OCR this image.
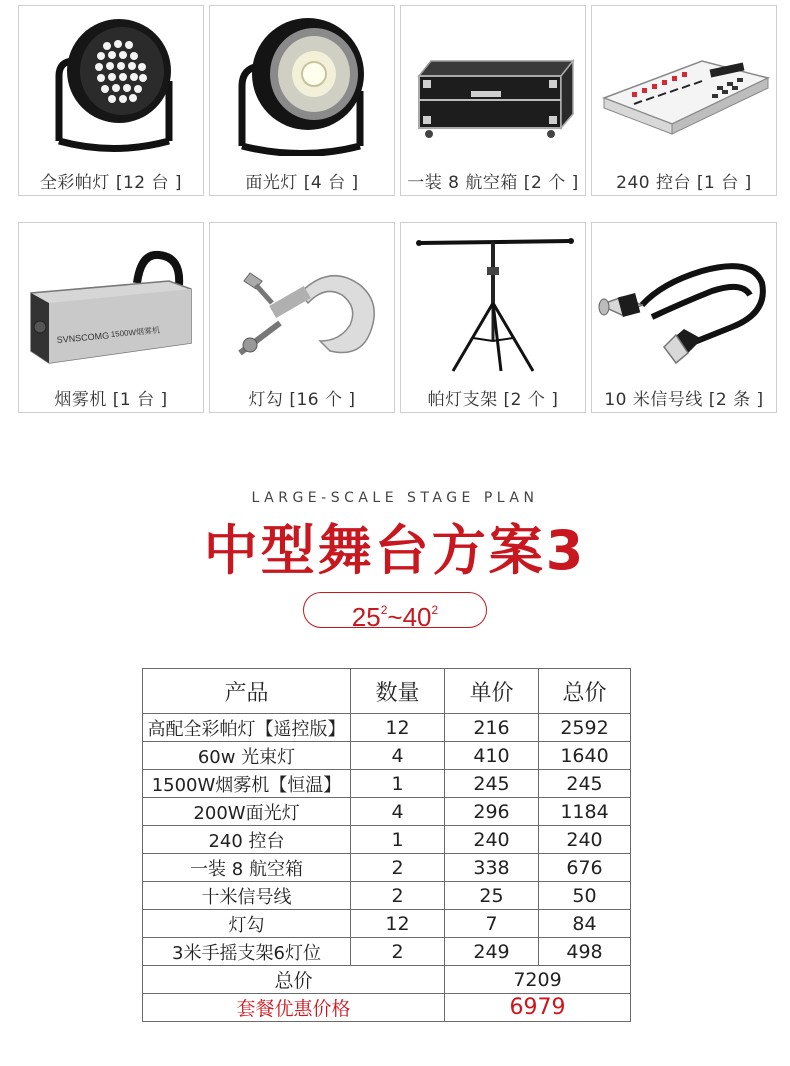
全彩帕灯 [12 台 ]	面光灯 [4 台 ]	一装 8 航空箱 [2 个 ]	240 控台 [1 台 ]
SVNSCOMG 1500W烟雾机
烟雾机 [1 台 ]	灯勾 [16 个 ]	帕灯支架 [2 个 ]	10 米信号线 [2 条 ]
LARGE-SCALE STAGE PLAN
中型舞台方案3
$25^2\sim 40^2$
产品	数量	单价	总价
高配全彩帕灯【遥控版】	12	216	2592
60w 光束灯	4	410	1640
1500W烟雾机【恒温】	1	245	245
200W面光灯	4	296	1184
240 控台	1	240	240
一装 8 航空箱	2	338	676
十米信号线	2	25	50
灯勾	12	7	84
3米手摇支架6灯位	2	249	498
总价		7209	
套餐优惠价格		6979	
